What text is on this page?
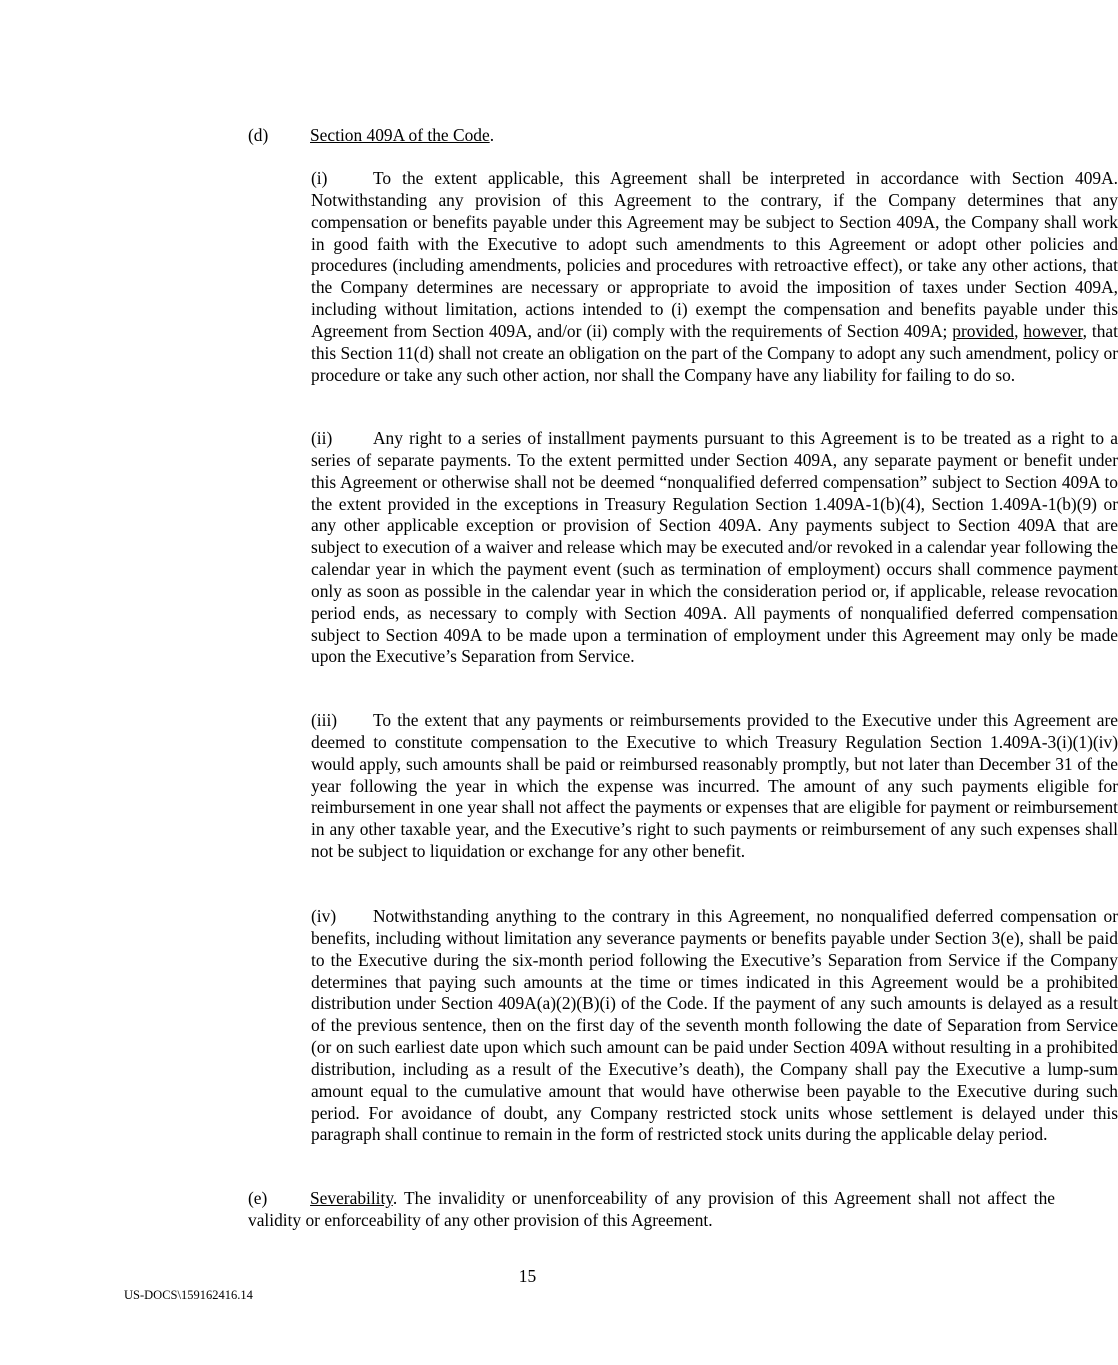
(d) Section 409A of the Code.

(i)	To the extent applicable, this Agreement shall be interpreted in accordance with Section 409A. Notwithstanding any provision of this Agreement to the contrary, if the Company determines that any compensation or benefits payable under this Agreement may be subject to Section 409A, the Company shall work in good faith with the Executive to adopt such amendments to this Agreement or adopt other policies and procedures (including amendments, policies and procedures with retroactive effect), or take any other actions, that the Company determines are necessary or appropriate to avoid the imposition of taxes under Section 409A, including without limitation, actions intended to (i) exempt the compensation and benefits payable under this Agreement from Section 409A, and/or (ii) comply with the requirements of Section 409A; provided, however, that this Section 11(d) shall not create an obligation on the part of the Company to adopt any such amendment, policy or procedure or take any such other action, nor shall the Company have any liability for failing to do so.

(ii) Any right to a series of installment payments pursuant to this Agreement is to be treated as a right to a series of separate payments. To the extent permitted under Section 409A, any separate payment or benefit under this Agreement or otherwise shall not be deemed “nonqualified deferred compensation” subject to Section 409A to the extent provided in the exceptions in Treasury Regulation Section 1.409A-1(b)(4), Section 1.409A-1(b)(9) or any other applicable exception or provision of Section 409A. Any payments subject to Section 409A that are subject to execution of a waiver and release which may be executed and/or revoked in a calendar year following the calendar year in which the payment event (such as termination of employment) occurs shall commence payment only as soon as possible in the calendar year in which the consideration period or, if applicable, release revocation period ends, as necessary to comply with Section 409A. All payments of nonqualified deferred compensation subject to Section 409A to be made upon a termination of employment under this Agreement may only be made upon the Executive’s Separation from Service.

(iii) To the extent that any payments or reimbursements provided to the Executive under this Agreement are deemed to constitute compensation to the Executive to which Treasury Regulation Section 1.409A-3(i)(1)(iv) would apply, such amounts shall be paid or reimbursed reasonably promptly, but not later than December 31 of the year following the year in which the expense was incurred. The amount of any such payments eligible for reimbursement in one year shall not affect the payments or expenses that are eligible for payment or reimbursement in any other taxable year, and the Executive’s right to such payments or reimbursement of any such expenses shall not be subject to liquidation or exchange for any other benefit.

(iv) Notwithstanding anything to the contrary in this Agreement, no nonqualified deferred compensation or benefits, including without limitation any severance payments or benefits payable under Section 3(e), shall be paid to the Executive during the six-month period following the Executive’s Separation from Service if the Company determines that paying such amounts at the time or times indicated in this Agreement would be a prohibited distribution under Section 409A(a)(2)(B)(i) of the Code. If the payment of any such amounts is delayed as a result of the previous sentence, then on the first day of the seventh month following the date of Separation from Service (or on such earliest date upon which such amount can be paid under Section 409A without resulting in a prohibited distribution, including as a result of the Executive’s death), the Company shall pay the Executive a lump-sum amount equal to the cumulative amount that would have otherwise been payable to the Executive during such period. For avoidance of doubt, any Company restricted stock units whose settlement is delayed under this paragraph shall continue to remain in the form of restricted stock units during the applicable delay period.

(e) Severability. The invalidity or unenforceability of any provision of this Agreement shall not affect the validity or enforceability of any other provision of this Agreement.

15
US-DOCS\159162416.14
